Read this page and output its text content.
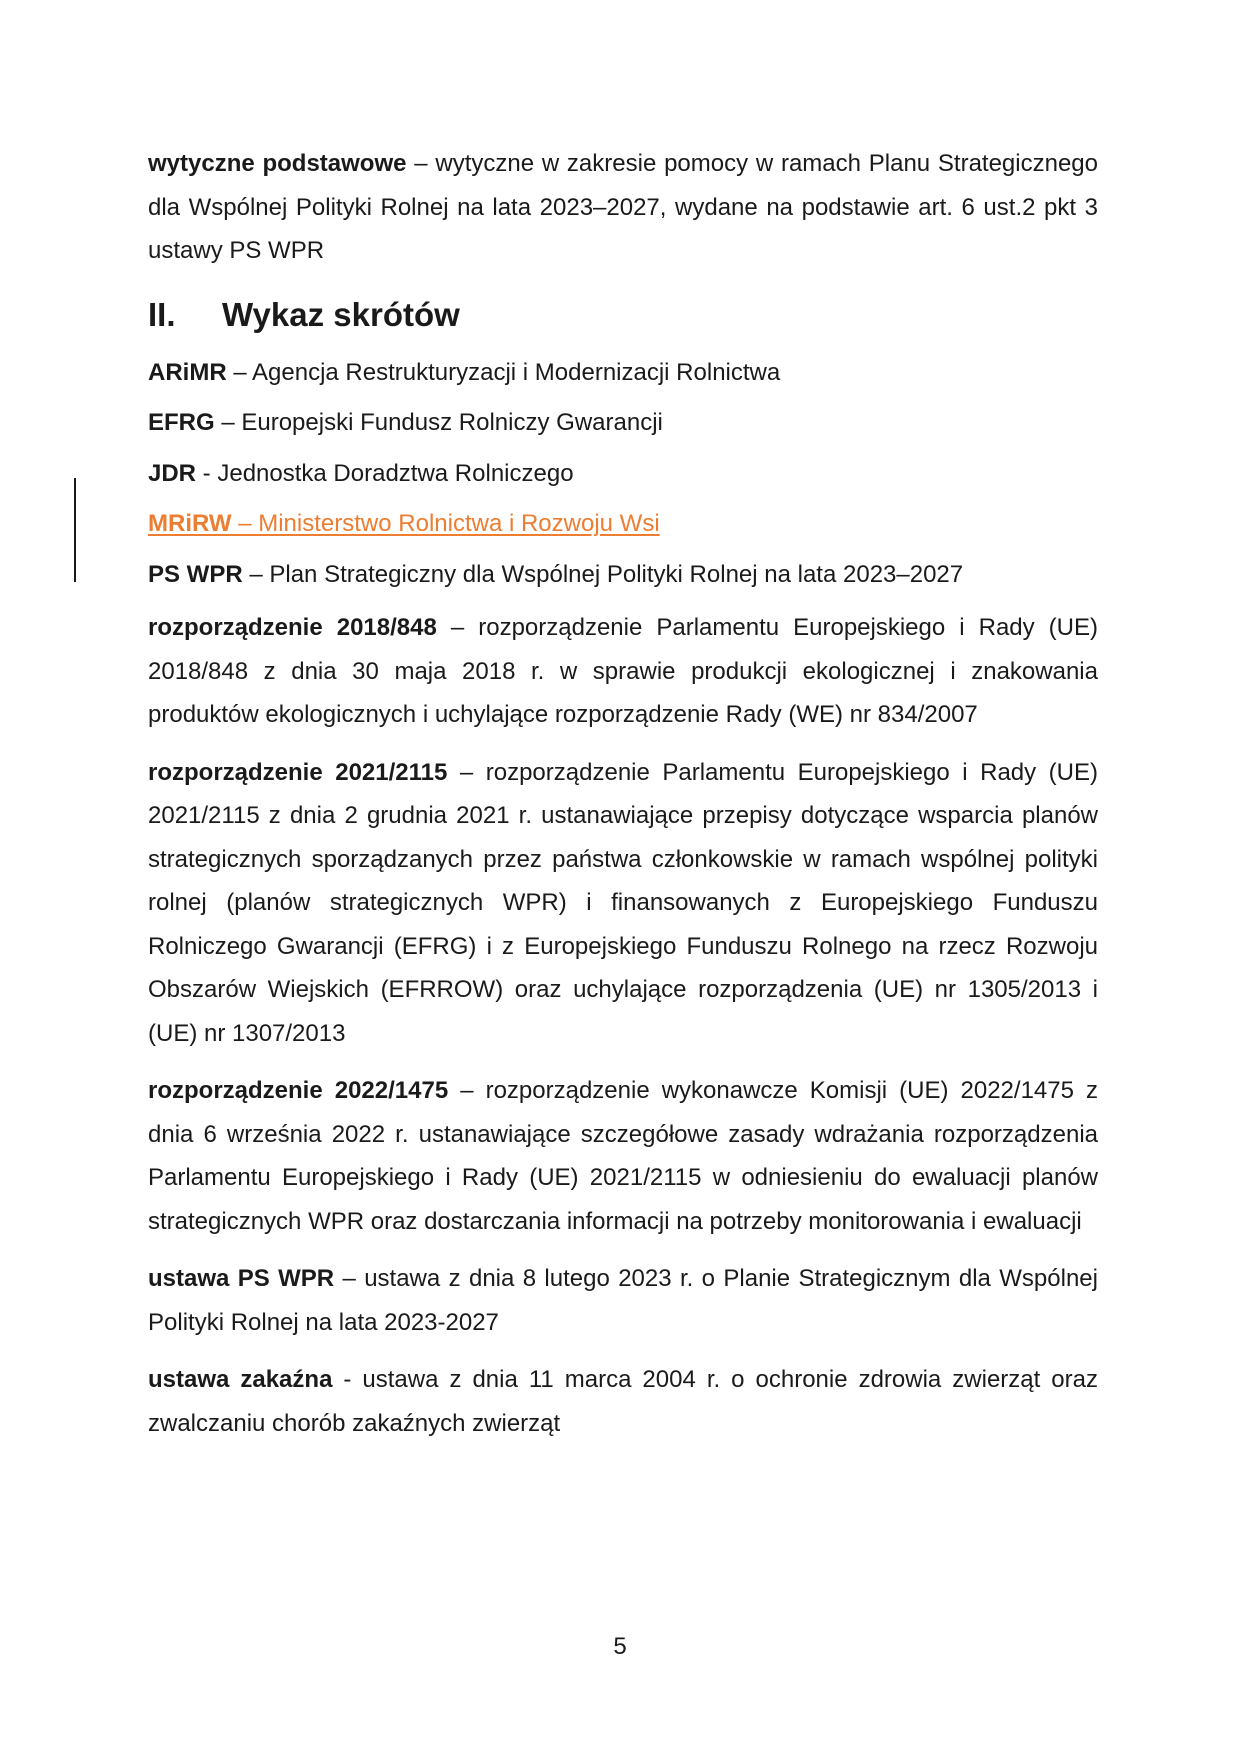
wytyczne podstawowe – wytyczne w zakresie pomocy w ramach Planu Strategicznego dla Wspólnej Polityki Rolnej na lata 2023–2027, wydane na podstawie art. 6 ust.2 pkt 3 ustawy PS WPR

II.	Wykaz skrótów

ARiMR – Agencja Restrukturyzacji i Modernizacji Rolnictwa

EFRG – Europejski Fundusz Rolniczy Gwarancji

JDR - Jednostka Doradztwa Rolniczego

MRiRW – Ministerstwo Rolnictwa i Rozwoju Wsi

PS WPR – Plan Strategiczny dla Wspólnej Polityki Rolnej na lata 2023–2027

rozporządzenie 2018/848 – rozporządzenie Parlamentu Europejskiego i Rady (UE) 2018/848 z dnia 30 maja 2018 r. w sprawie produkcji ekologicznej i znakowania produktów ekologicznych i uchylające rozporządzenie Rady (WE) nr 834/2007

rozporządzenie 2021/2115 – rozporządzenie Parlamentu Europejskiego i Rady (UE) 2021/2115 z dnia 2 grudnia 2021 r. ustanawiające przepisy dotyczące wsparcia planów strategicznych sporządzanych przez państwa członkowskie w ramach wspólnej polityki rolnej (planów strategicznych WPR) i finansowanych z Europejskiego Funduszu Rolniczego Gwarancji (EFRG) i z Europejskiego Funduszu Rolnego na rzecz Rozwoju Obszarów Wiejskich (EFRROW) oraz uchylające rozporządzenia (UE) nr 1305/2013 i (UE) nr 1307/2013

rozporządzenie 2022/1475 – rozporządzenie wykonawcze Komisji (UE) 2022/1475 z dnia 6 września 2022 r. ustanawiające szczegółowe zasady wdrażania rozporządzenia Parlamentu Europejskiego i Rady (UE) 2021/2115 w odniesieniu do ewaluacji planów strategicznych WPR oraz dostarczania informacji na potrzeby monitorowania i ewaluacji

ustawa PS WPR – ustawa z dnia 8 lutego 2023 r. o Planie Strategicznym dla Wspólnej Polityki Rolnej na lata 2023-2027

ustawa zakaźna - ustawa z dnia 11 marca 2004 r. o ochronie zdrowia zwierząt oraz zwalczaniu chorób zakaźnych zwierząt

5
